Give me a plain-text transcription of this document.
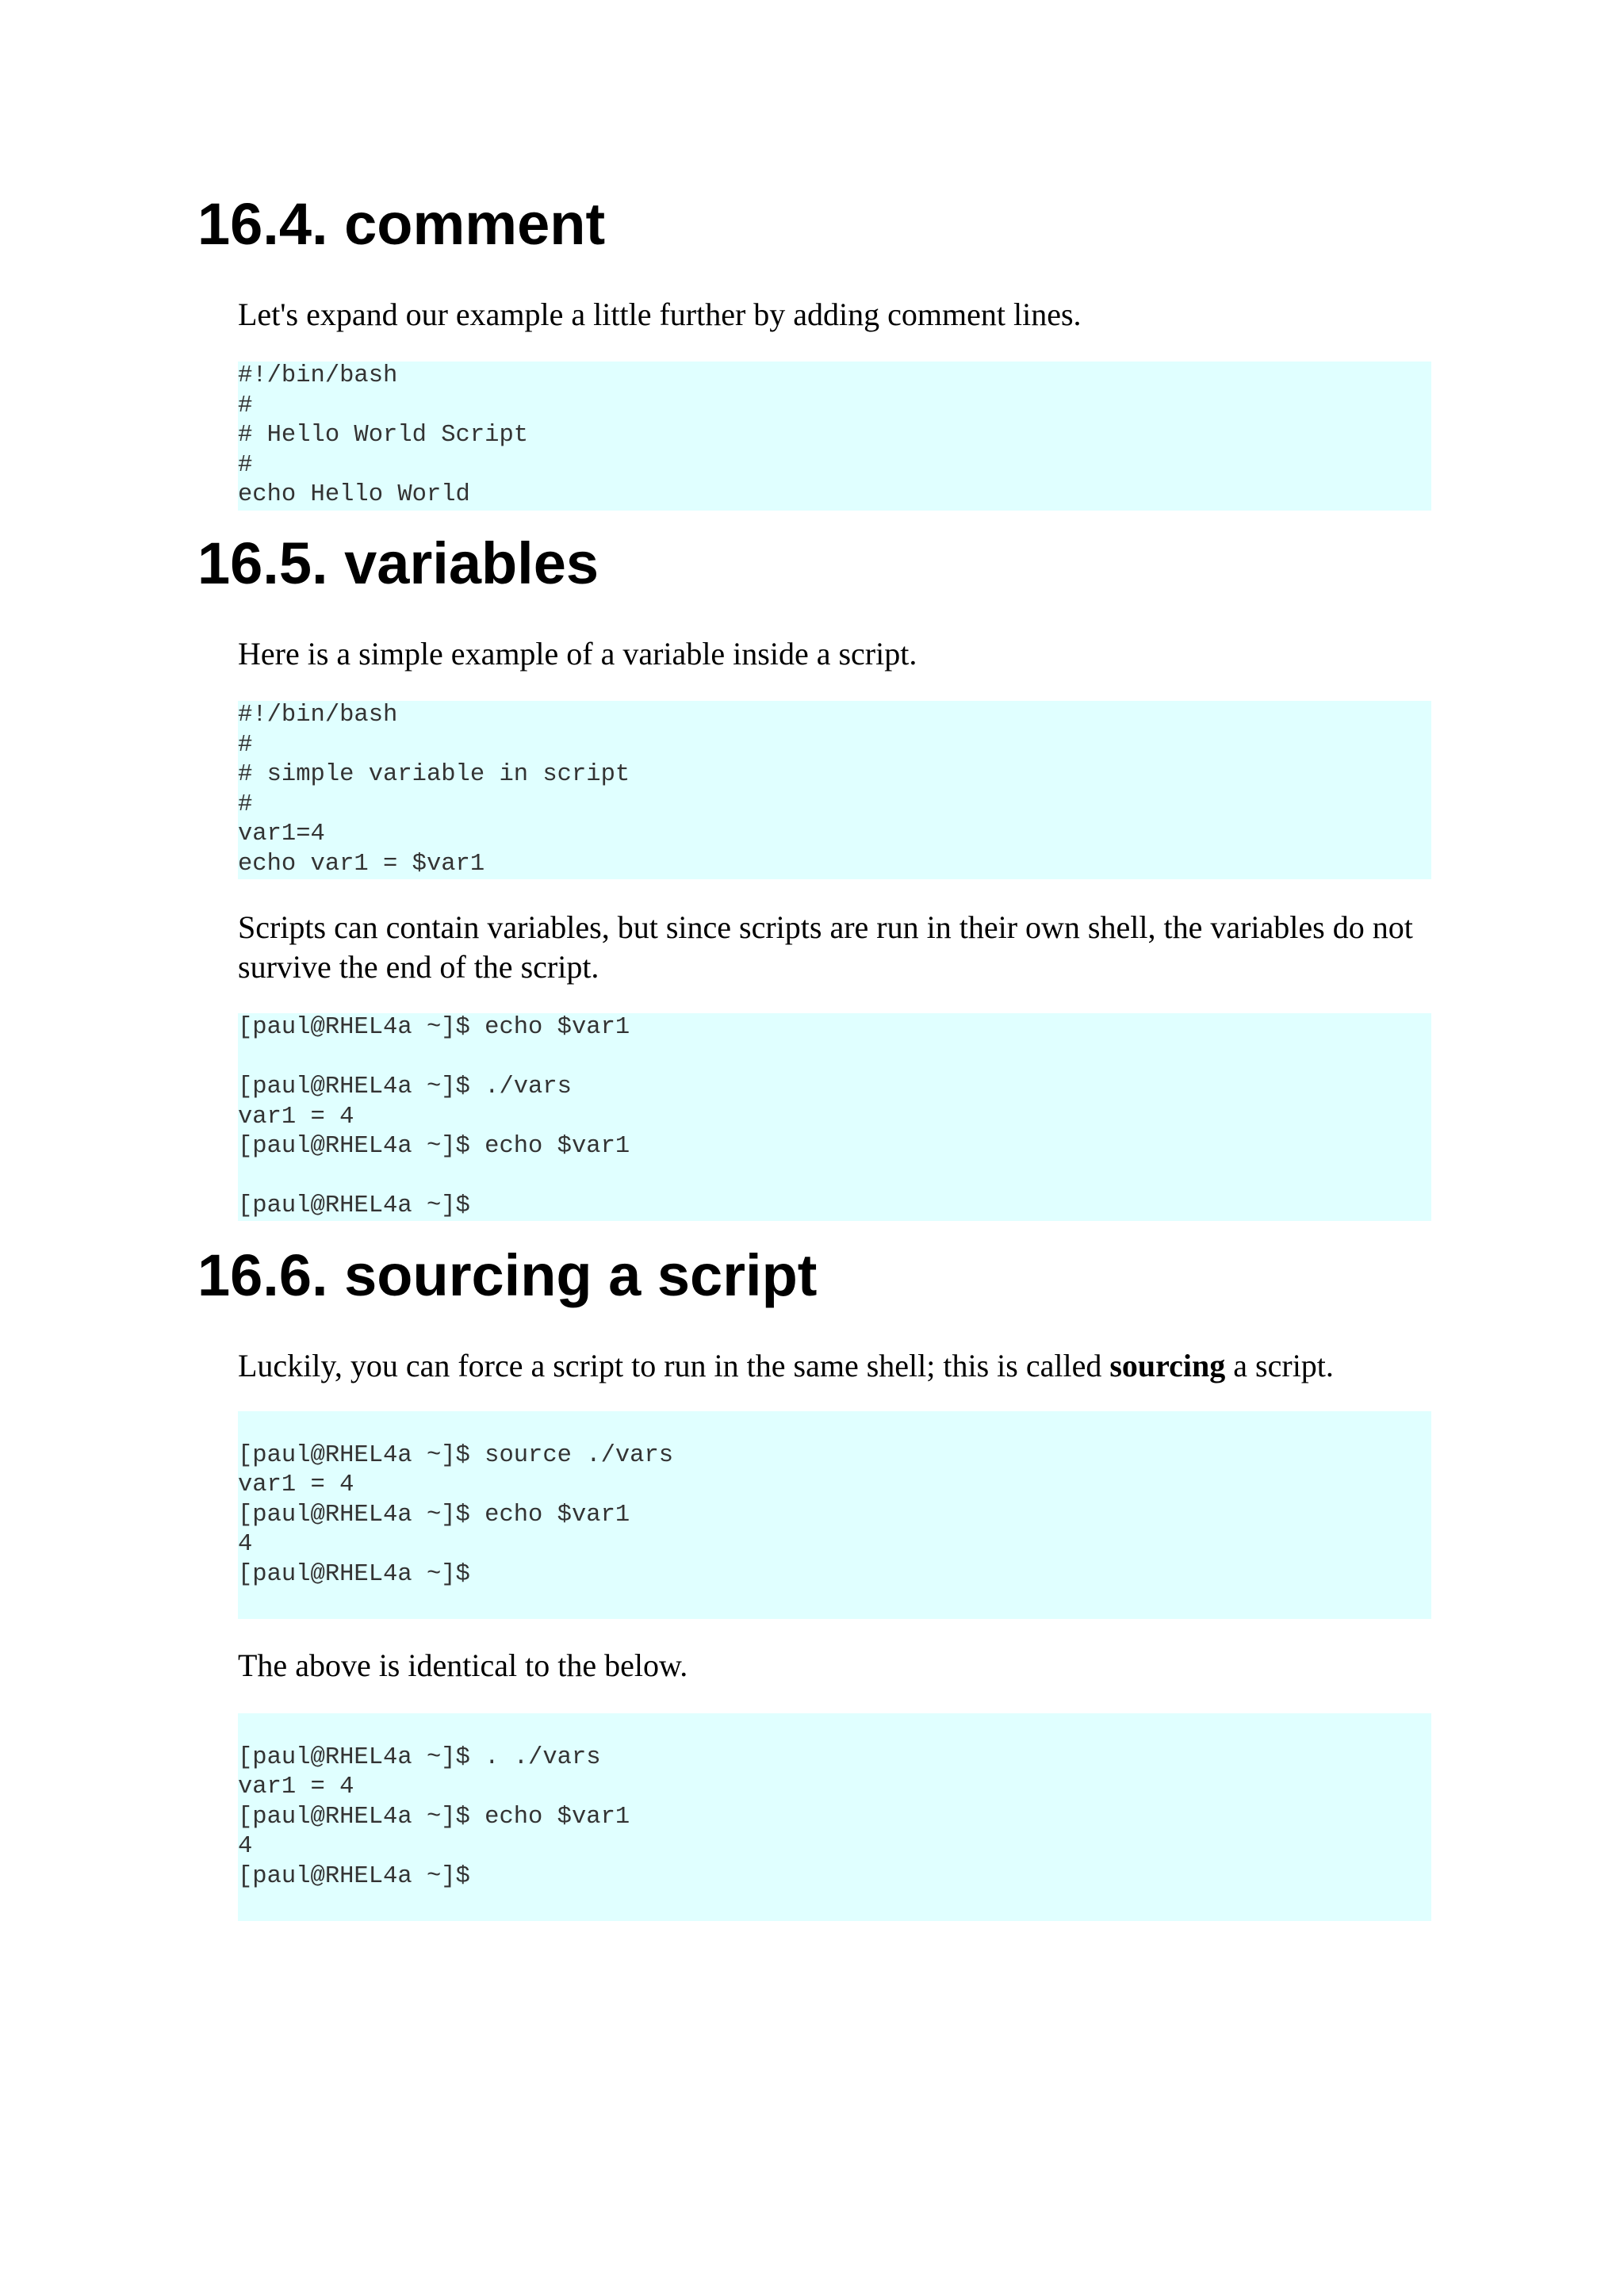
16.4. comment

Let's expand our example a little further by adding comment lines.

#!/bin/bash
#
# Hello World Script
#
echo Hello World
16.5. variables

Here is a simple example of a variable inside a script.

#!/bin/bash
#
# simple variable in script
#
var1=4
echo var1 = $var1

Scripts can contain variables, but since scripts are run in their own shell, the variables do not survive the end of the script.

[paul@RHEL4a ~]$ echo $var1
[paul@RHEL4a ~]$ ./vars
var1 = 4
[paul@RHEL4a ~]$ echo $var1
[paul@RHEL4a ~]$
16.6. sourcing a script

Luckily, you can force a script to run in the same shell; this is called sourcing a script.

[paul@RHEL4a ~]$ source ./vars
var1 = 4
[paul@RHEL4a ~]$ echo $var1
4
[paul@RHEL4a ~]$

The above is identical to the below.

[paul@RHEL4a ~]$ . ./vars
var1 = 4
[paul@RHEL4a ~]$ echo $var1
4
[paul@RHEL4a ~]$
